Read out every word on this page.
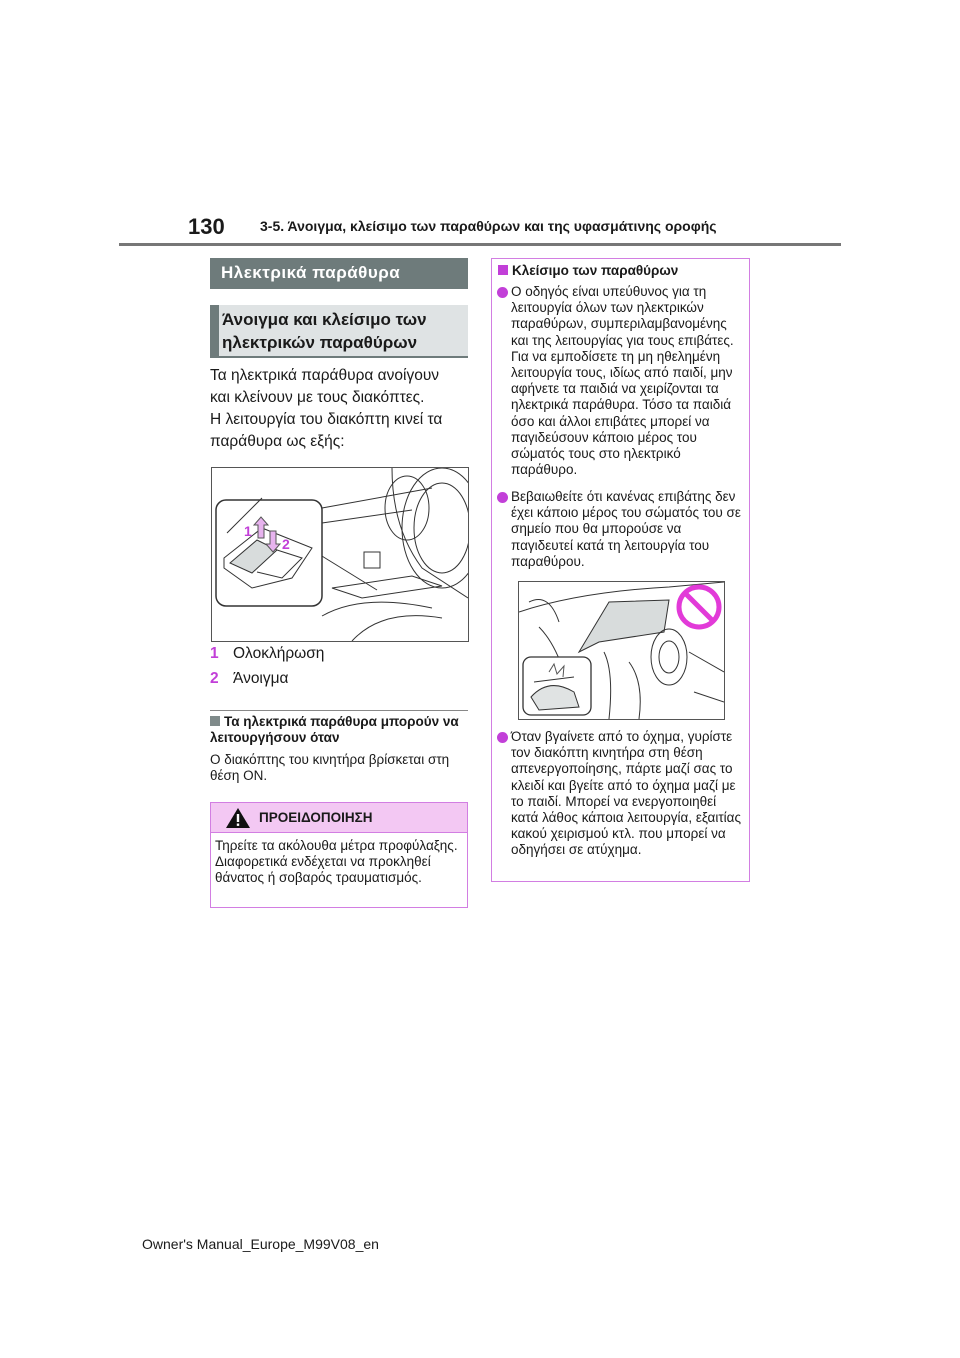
130	3-5. Άνοιγμα, κλείσιμο των παραθύρων και της υφασμάτινης οροφής
Ηλεκτρικά παράθυρα
Άνοιγμα και κλείσιμο των ηλεκτρικών παραθύρων
Τα ηλεκτρικά παράθυρα ανοίγουν
και κλείνουν με τους διακόπτες.
Η λειτουργία του διακόπτη κινεί τα
παράθυρα ως εξής:
1
2
1 Ολοκλήρωση
2 Άνοιγμα
Τα ηλεκτρικά παράθυρα μπορούν να λειτουργήσουν όταν
Ο διακόπτης του κινητήρα βρίσκεται στη θέση ON.
ΠΡΟΕΙΔΟΠΟΙΗΣΗ
Τηρείτε τα ακόλουθα μέτρα προφύλαξης. Διαφορετικά ενδέχεται να προκληθεί θάνατος ή σοβαρός τραυματισμός.
Κλείσιμο των παραθύρων
Ο οδηγός είναι υπεύθυνος για τη λειτουργία όλων των ηλεκτρικών παραθύρων, συμπεριλαμβανομένης και της λειτουργίας για τους επιβάτες. Για να εμποδίσετε τη μη ηθελημένη λειτουργία τους, ιδίως από παιδί, μην αφήνετε τα παιδιά να χειρίζονται τα ηλεκτρικά παράθυρα. Τόσο τα παιδιά όσο και άλλοι επιβάτες μπορεί να παγιδεύσουν κάποιο μέρος του σώματός τους στο ηλεκτρικό παράθυρο.
Βεβαιωθείτε ότι κανένας επιβάτης δεν έχει κάποιο μέρος του σώματός του σε σημείο που θα μπορούσε να παγιδευτεί κατά τη λειτουργία του παραθύρου.
Όταν βγαίνετε από το όχημα, γυρίστε τον διακόπτη κινητήρα στη θέση απενεργοποίησης, πάρτε μαζί σας το κλειδί και βγείτε από το όχημα μαζί με το παιδί. Μπορεί να ενεργοποιηθεί κατά λάθος κάποια λειτουργία, εξαιτίας κακού χειρισμού κτλ. που μπορεί να οδηγήσει σε ατύχημα.
Owner's Manual_Europe_M99V08_en
